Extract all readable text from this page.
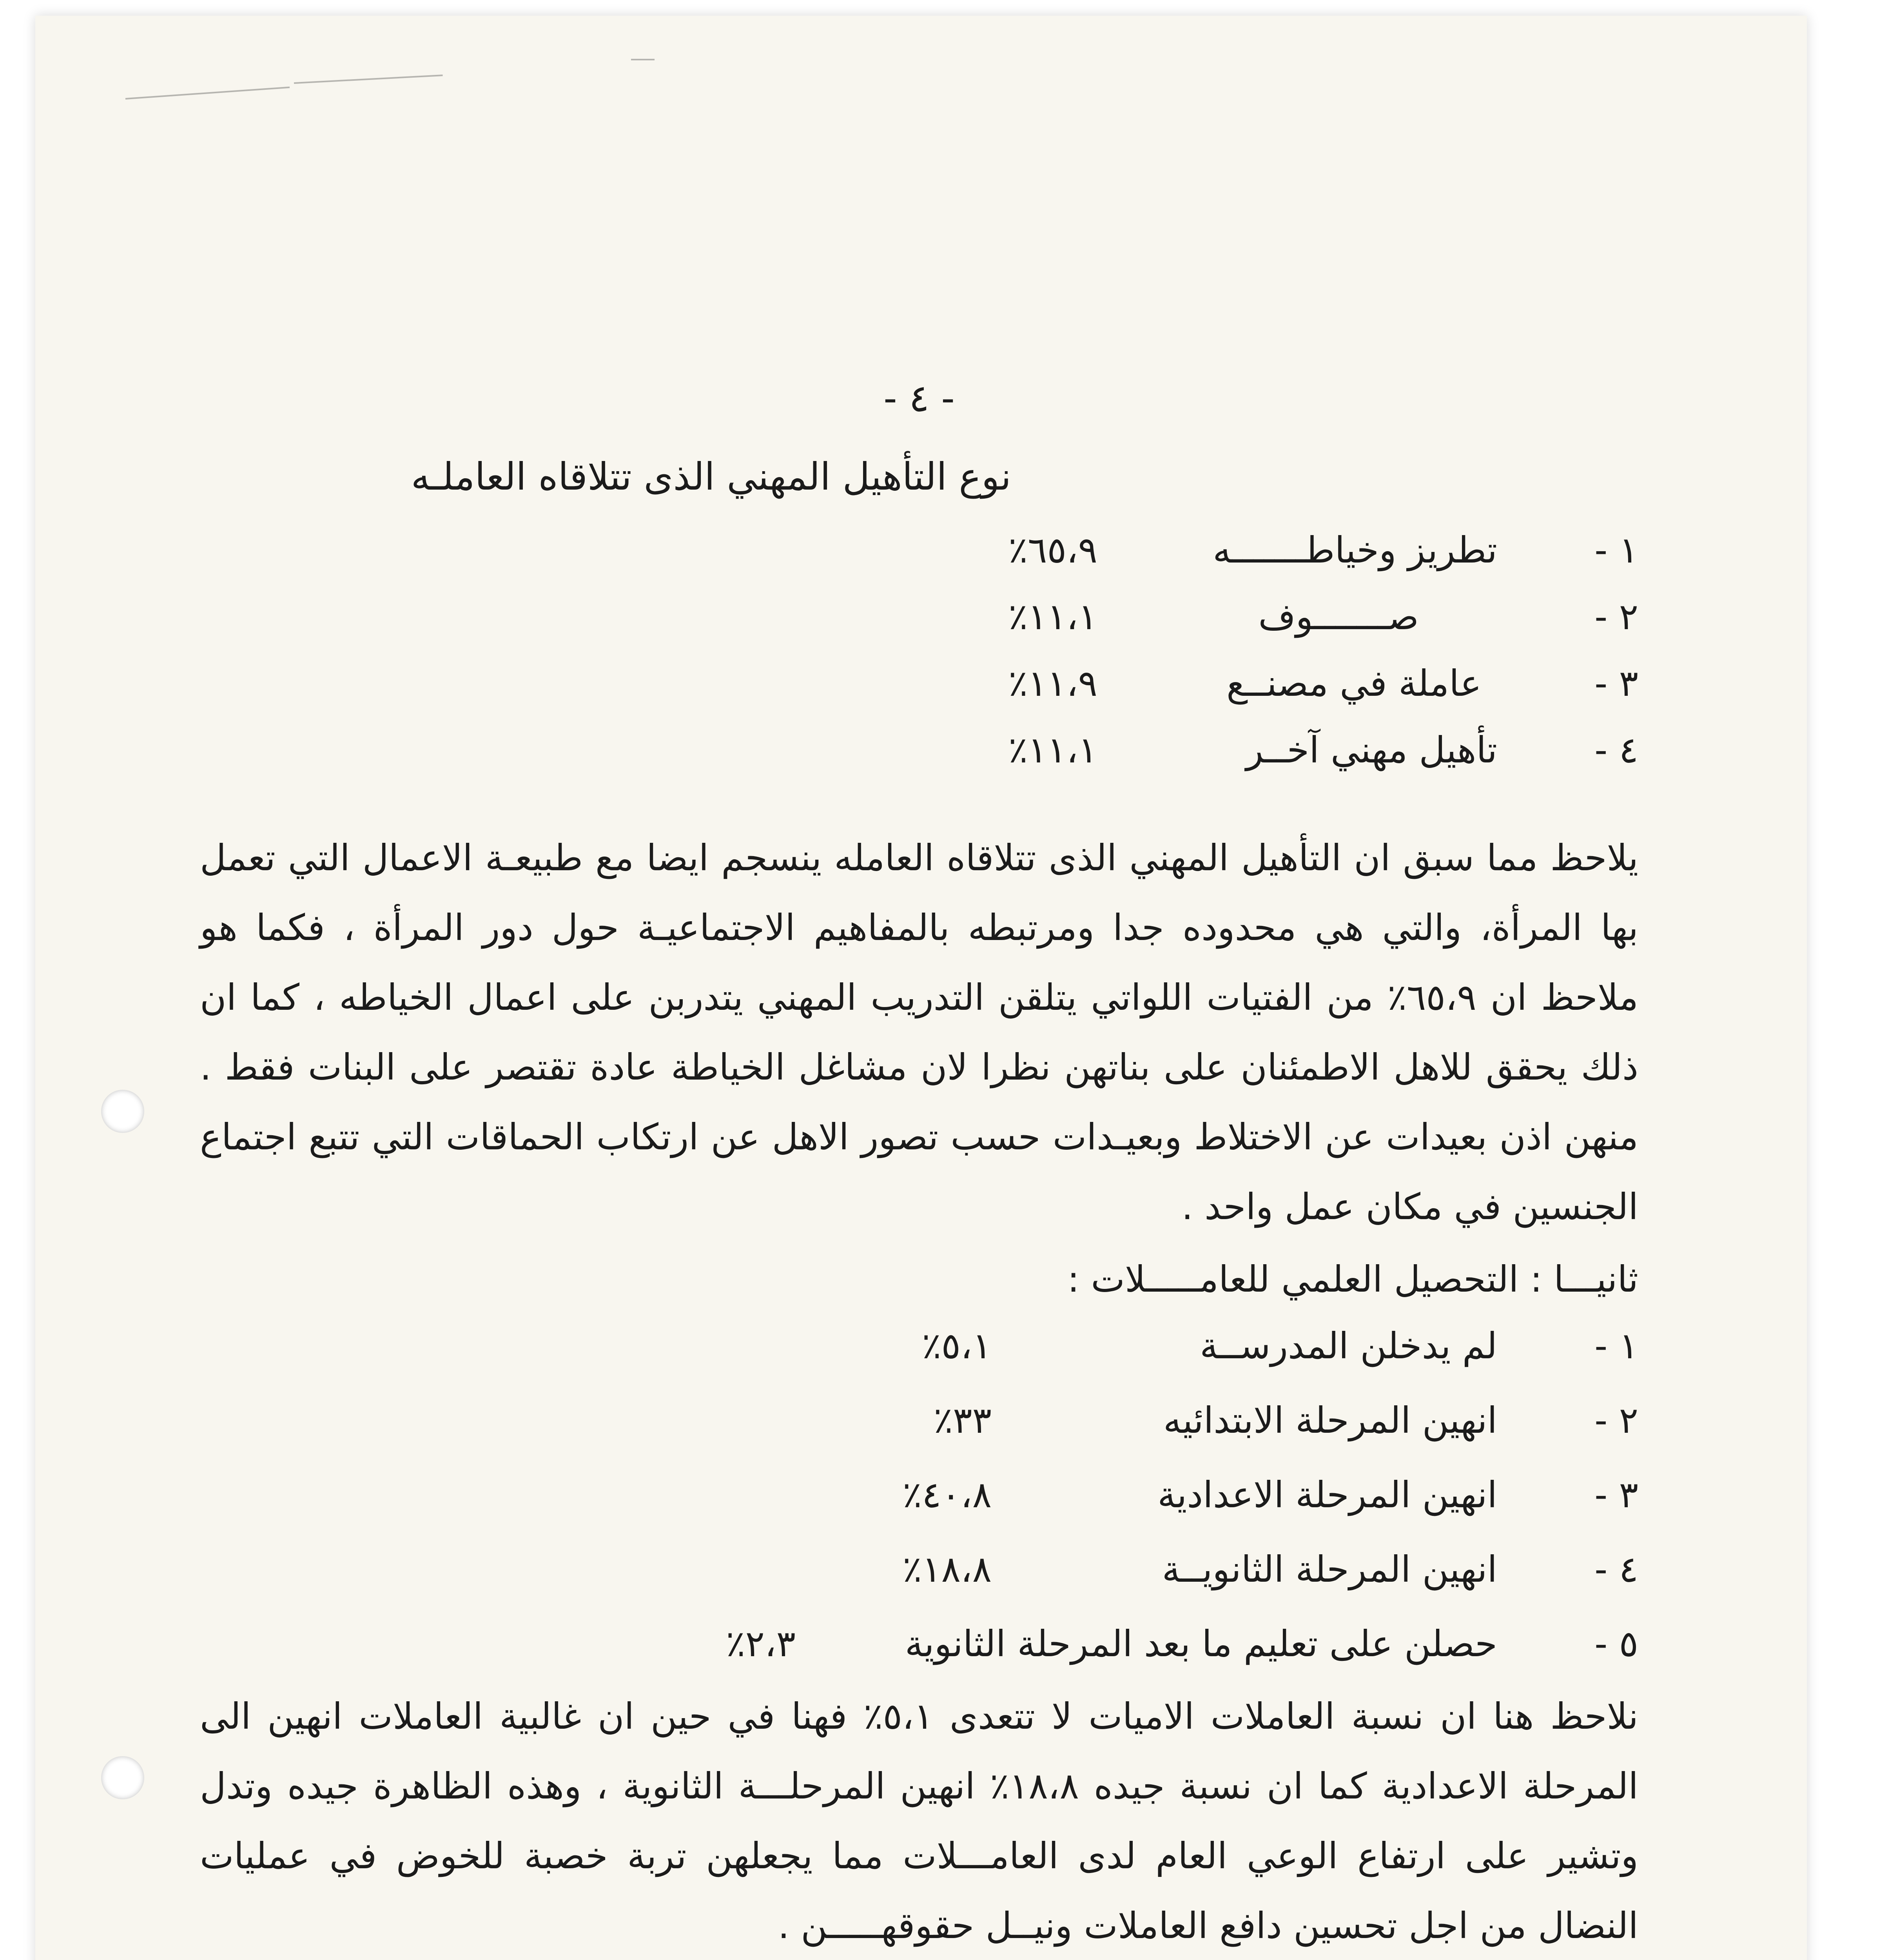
- ٤ -
نوع التأهيل المهني الذى تتلاقاه العاملـه
١ -
تطريز وخياطـــــــه
٦٥،٩٪
٢ -
صـــــــوف
١١،١٪
٣ -
عاملة في مصنــع
١١،٩٪
٤ -
تأهيل مهني آخــر
١١،١٪
يلاحظ مما سبق ان التأهيل المهني الذى تتلاقاه العامله ينسجم ايضا مع طبيعـة الاعمال التي تعمل بها المرأة، والتي هي محدوده جدا ومرتبطه بالمفاهيم الاجتماعيـة حول دور المرأة ، فكما هو ملاحظ ان ٦٥،٩٪ من الفتيات اللواتي يتلقن التدريب المهني يتدربن على اعمال الخياطه ، كما ان ذلك يحقق للاهل الاطمئنان على بناتهن نظرا لان مشاغل الخياطة عادة تقتصر على البنات فقط . منهن اذن بعيدات عن الاختلاط وبعيـدات حسب تصور الاهل عن ارتكاب الحماقات التي تتبع اجتماع الجنسين في مكان عمل واحد .
ثانيـــا : التحصيل العلمي للعامـــــلات :
١ -
لم يدخلن المدرســة
٥،١٪
٢ -
انهين المرحلة الابتدائيه
٣٣٪
٣ -
انهين المرحلة الاعدادية
٤٠،٨٪
٤ -
انهين المرحلة الثانويــة
١٨،٨٪
٥ -
حصلن على تعليم ما بعد المرحلة الثانوية
٢،٣٪
نلاحظ هنا ان نسبة العاملات الاميات لا تتعدى ٥،١٪ فهنا في حين ان غالبية العاملات انهين الى المرحلة الاعدادية كما ان نسبة جيده ١٨،٨٪ انهين المرحلـــة الثانوية ، وهذه الظاهرة جيده وتدل وتشير على ارتفاع الوعي العام لدى العامـــلات مما يجعلهن تربة خصبة للخوض في عمليات النضال من اجل تحسين دافع العاملات ونيــل حقوقهـــــن .
